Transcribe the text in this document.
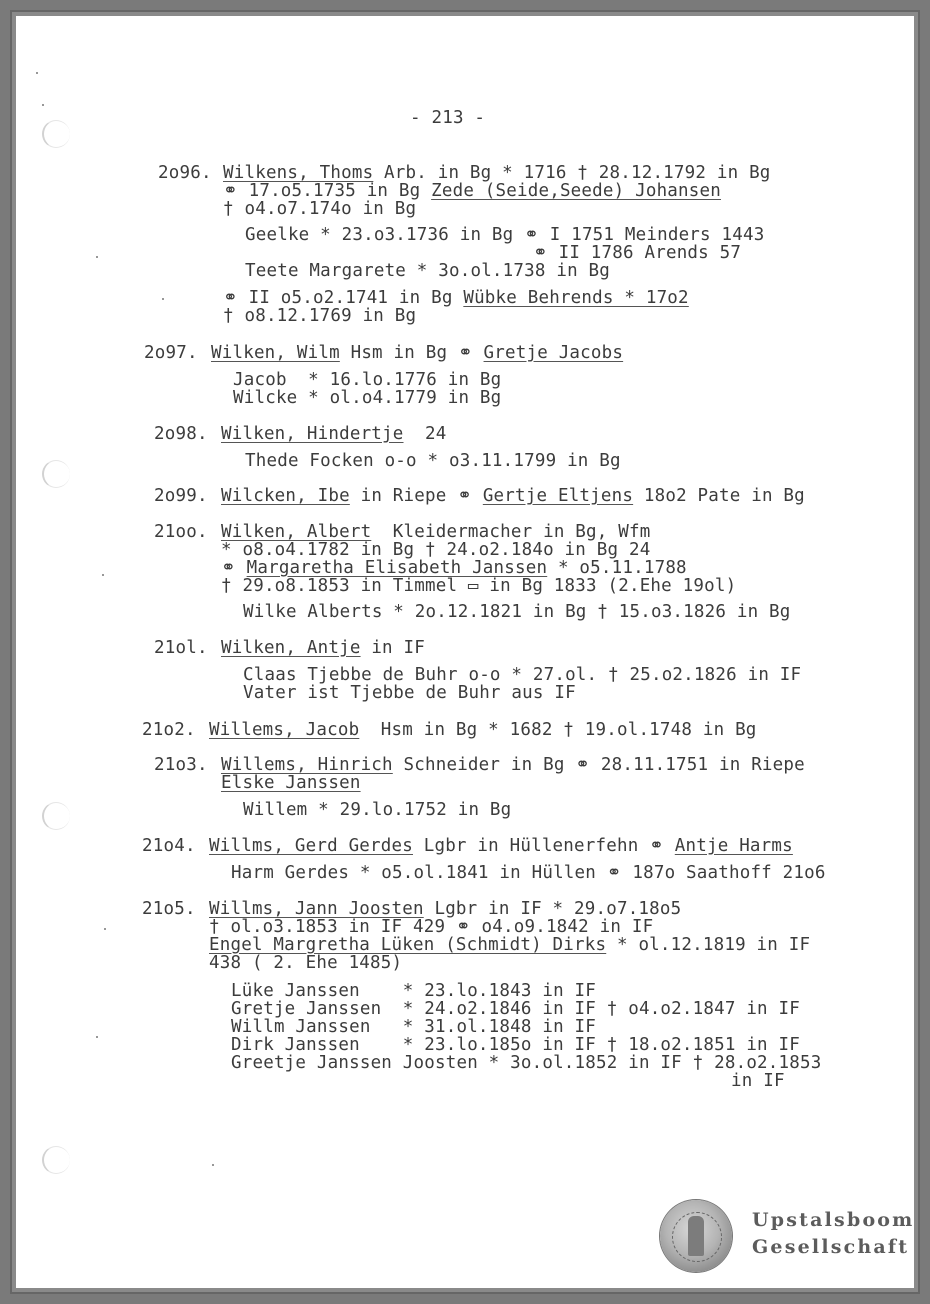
- 213 -
2o96. Wilkens, Thoms Arb. in Bg * 1716 † 28.12.1792 in Bg
⚭ 17.o5.1735 in Bg Zede (Seide,Seede) Johansen
† o4.o7.174o in Bg
Geelke * 23.o3.1736 in Bg ⚭ I 1751 Meinders 1443
⚭ II 1786 Arends 57
Teete Margarete * 3o.ol.1738 in Bg
⚭ II o5.o2.1741 in Bg Wübke Behrends * 17o2
† o8.12.1769 in Bg
2o97. Wilken, Wilm Hsm in Bg ⚭ Gretje Jacobs
Jacob  * 16.lo.1776 in Bg
Wilcke * ol.o4.1779 in Bg
2o98. Wilken, Hindertje  24
Thede Focken o-o * o3.11.1799 in Bg
2o99. Wilcken, Ibe in Riepe ⚭ Gertje Eltjens 18o2 Pate in Bg
21oo. Wilken, Albert  Kleidermacher in Bg, Wfm
* o8.o4.1782 in Bg † 24.o2.184o in Bg 24
⚭ Margaretha Elisabeth Janssen * o5.11.1788
† 29.o8.1853 in Timmel ▭ in Bg 1833 (2.Ehe 19ol)
Wilke Alberts * 2o.12.1821 in Bg † 15.o3.1826 in Bg
21ol. Wilken, Antje in IF
Claas Tjebbe de Buhr o-o * 27.ol. † 25.o2.1826 in IF
Vater ist Tjebbe de Buhr aus IF
21o2. Willems, Jacob  Hsm in Bg * 1682 † 19.ol.1748 in Bg
21o3. Willems, Hinrich Schneider in Bg ⚭ 28.11.1751 in Riepe
Elske Janssen
Willem * 29.lo.1752 in Bg
21o4. Willms, Gerd Gerdes Lgbr in Hüllenerfehn ⚭ Antje Harms
Harm Gerdes * o5.ol.1841 in Hüllen ⚭ 187o Saathoff 21o6
21o5. Willms, Jann Joosten Lgbr in IF * 29.o7.18o5
† ol.o3.1853 in IF 429 ⚭ o4.o9.1842 in IF
Engel Margretha Lüken (Schmidt) Dirks * ol.12.1819 in IF
438 ( 2. Ehe 1485)
Lüke Janssen    * 23.lo.1843 in IF
Gretje Janssen  * 24.o2.1846 in IF † o4.o2.1847 in IF
Willm Janssen   * 31.ol.1848 in IF
Dirk Janssen    * 23.lo.185o in IF † 18.o2.1851 in IF
Greetje Janssen Joosten * 3o.ol.1852 in IF † 28.o2.1853
in IF
Upstalsboom
Gesellschaft
